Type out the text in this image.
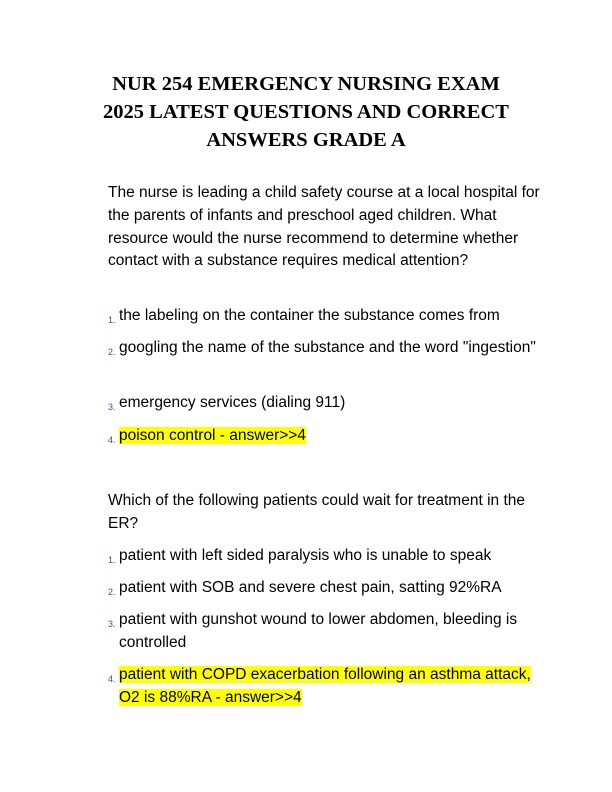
NUR 254 EMERGENCY NURSING EXAM
2025 LATEST QUESTIONS AND CORRECT
ANSWERS GRADE A
The nurse is leading a child safety course at a local hospital for the parents of infants and preschool aged children. What resource would the nurse recommend to determine whether contact with a substance requires medical attention?
1. the labeling on the container the substance comes from
2. googling the name of the substance and the word "ingestion"
3. emergency services (dialing 911)
4. poison control - answer>>4
Which of the following patients could wait for treatment in the ER?
1. patient with left sided paralysis who is unable to speak
2. patient with SOB and severe chest pain, satting 92%RA
3. patient with gunshot wound to lower abdomen, bleeding is controlled
4. patient with COPD exacerbation following an asthma attack, O2 is 88%RA - answer>>4
